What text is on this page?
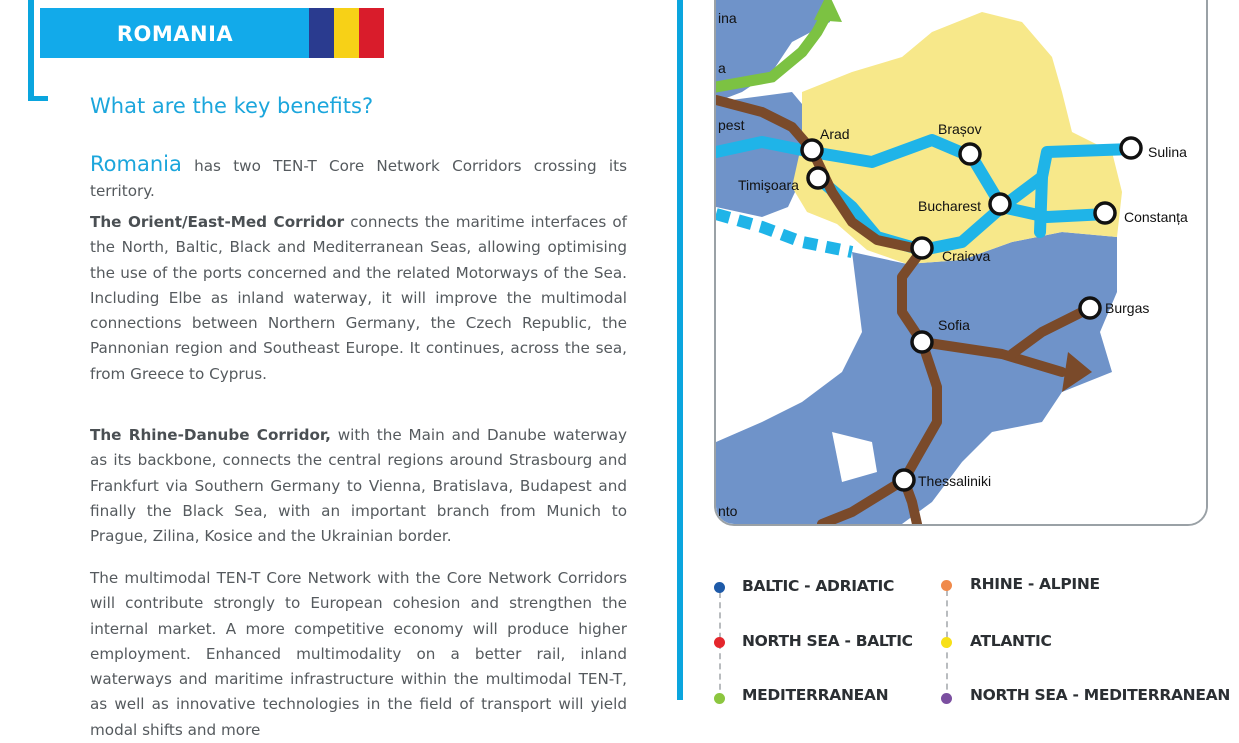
ROMANIA
What are the key benefits?
Romania has two TEN-T Core Network Corridors crossing its territory.
The Orient/East-Med Corridor connects the maritime interfaces of the North, Baltic, Black and Mediterranean Seas, allowing optimising the use of the ports concerned and the related Motorways of the Sea. Including Elbe as inland waterway, it will improve the multimodal connections between Northern Germany, the Czech Republic, the Pannonian region and Southeast Europe. It continues, across the sea, from Greece to Cyprus.
The Rhine-Danube Corridor, with the Main and Danube waterway as its backbone, connects the central regions around Strasbourg and Frankfurt via Southern Germany to Vienna, Bratislava, Budapest and finally the Black Sea, with an important branch from Munich to Prague, Zilina, Kosice and the Ukrainian border.
The multimodal TEN-T Core Network with the Core Network Corridors will contribute strongly to European cohesion and strengthen the internal market. A more competitive economy will produce higher employment. Enhanced multimodality on a better rail, inland waterways and maritime infrastructure within the multimodal TEN-T, as well as innovative technologies in the field of transport will yield modal shifts and more
ina
a
pest
Arad	Brașov
Sulina
Timişoara
Bucharest
Constanța
Craiova
Burgas
Sofia
Thessaliniki
nto
BALTIC - ADRIATIC	RHINE - ALPINE
NORTH SEA - BALTIC	ATLANTIC
MEDITERRANEAN	NORTH SEA - MEDITERRANEAN
